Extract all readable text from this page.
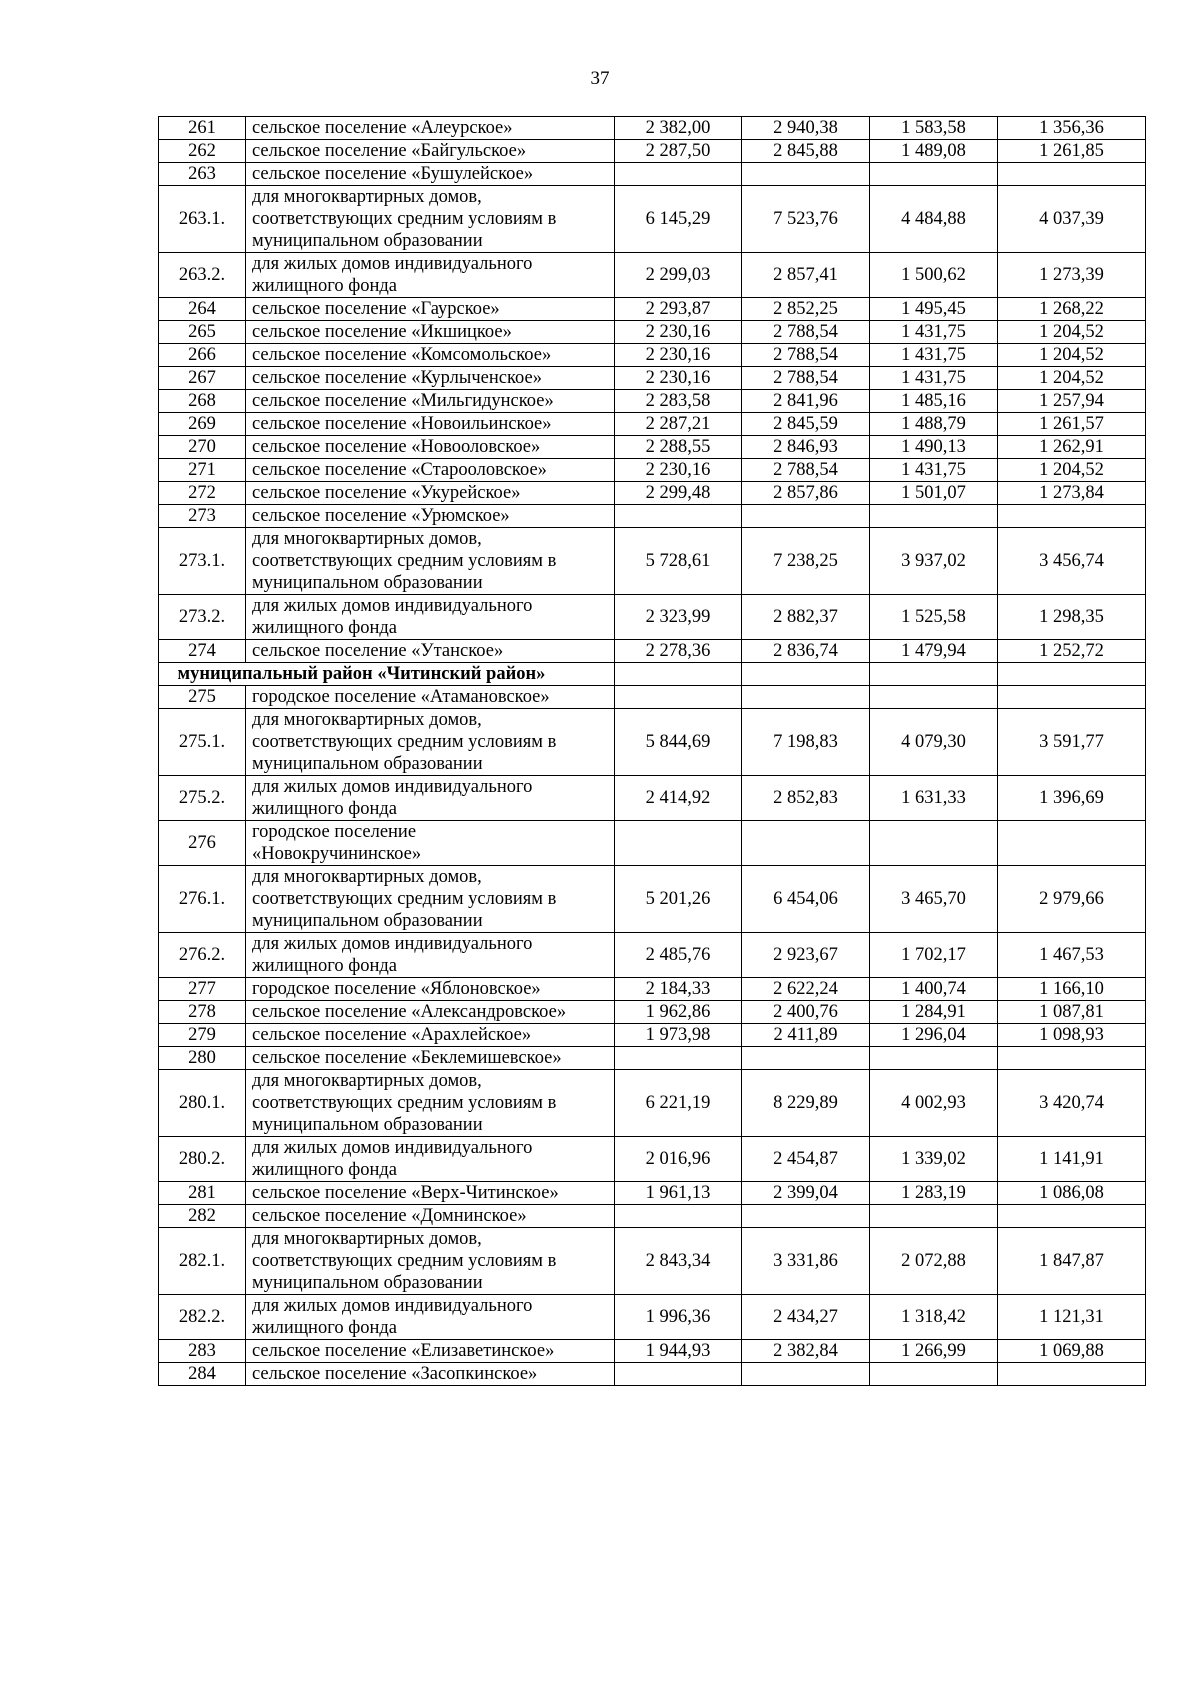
37
261	сельское поселение «Алеурское»	2 382,00	2 940,38	1 583,58	1 356,36
262	сельское поселение «Байгульское»	2 287,50	2 845,88	1 489,08	1 261,85
263	сельское поселение «Бушулейское»				

263.1.	для многоквартирных домов,
соответствующих средним условиям в
муниципальном образовании	6 145,29	7 523,76	4 484,88	4 037,39
263.2.	для жилых домов индивидуального
жилищного фонда	2 299,03	2 857,41	1 500,62	1 273,39
264	сельское поселение «Гаурское»	2 293,87	2 852,25	1 495,45	1 268,22
265	сельское поселение «Икшицкое»	2 230,16	2 788,54	1 431,75	1 204,52
266	сельское поселение «Комсомольское»	2 230,16	2 788,54	1 431,75	1 204,52
267	сельское поселение «Курлыченское»	2 230,16	2 788,54	1 431,75	1 204,52
268	сельское поселение «Мильгидунское»	2 283,58	2 841,96	1 485,16	1 257,94
269	сельское поселение «Новоильинское»	2 287,21	2 845,59	1 488,79	1 261,57
270	сельское поселение «Новооловское»	2 288,55	2 846,93	1 490,13	1 262,91
271	сельское поселение «Старооловское»	2 230,16	2 788,54	1 431,75	1 204,52
272	сельское поселение «Укурейское»	2 299,48	2 857,86	1 501,07	1 273,84
273	сельское поселение «Урюмское»				

273.1.	для многоквартирных домов,
соответствующих средним условиям в
муниципальном образовании	5 728,61	7 238,25	3 937,02	3 456,74
273.2.	для жилых домов индивидуального
жилищного фонда	2 323,99	2 882,37	1 525,58	1 298,35
274	сельское поселение «Утанское»	2 278,36	2 836,74	1 479,94	1 252,72
	муниципальный район «Читинский район»				
275	городское поселение «Атамановское»				

275.1.	для многоквартирных домов,
соответствующих средним условиям в
муниципальном образовании	5 844,69	7 198,83	4 079,30	3 591,77
275.2.	для жилых домов индивидуального
жилищного фонда	2 414,92	2 852,83	1 631,33	1 396,69
276	городское поселение
«Новокручининское»				

276.1.	для многоквартирных домов,
соответствующих средним условиям в
муниципальном образовании	5 201,26	6 454,06	3 465,70	2 979,66
276.2.	для жилых домов индивидуального
жилищного фонда	2 485,76	2 923,67	1 702,17	1 467,53
277	городское поселение «Яблоновское»	2 184,33	2 622,24	1 400,74	1 166,10
278	сельское поселение «Александровское»	1 962,86	2 400,76	1 284,91	1 087,81
279	сельское поселение «Арахлейское»	1 973,98	2 411,89	1 296,04	1 098,93
280	сельское поселение «Беклемишевское»				

280.1.	для многоквартирных домов,
соответствующих средним условиям в
муниципальном образовании	6 221,19	8 229,89	4 002,93	3 420,74
280.2.	для жилых домов индивидуального
жилищного фонда	2 016,96	2 454,87	1 339,02	1 141,91
281	сельское поселение «Верх-Читинское»	1 961,13	2 399,04	1 283,19	1 086,08
282	сельское поселение «Домнинское»				

282.1.	для многоквартирных домов,
соответствующих средним условиям в
муниципальном образовании	2 843,34	3 331,86	2 072,88	1 847,87
282.2.	для жилых домов индивидуального
жилищного фонда	1 996,36	2 434,27	1 318,42	1 121,31
283	сельское поселение «Елизаветинское»	1 944,93	2 382,84	1 266,99	1 069,88
284	сельское поселение «Засопкинское»				
